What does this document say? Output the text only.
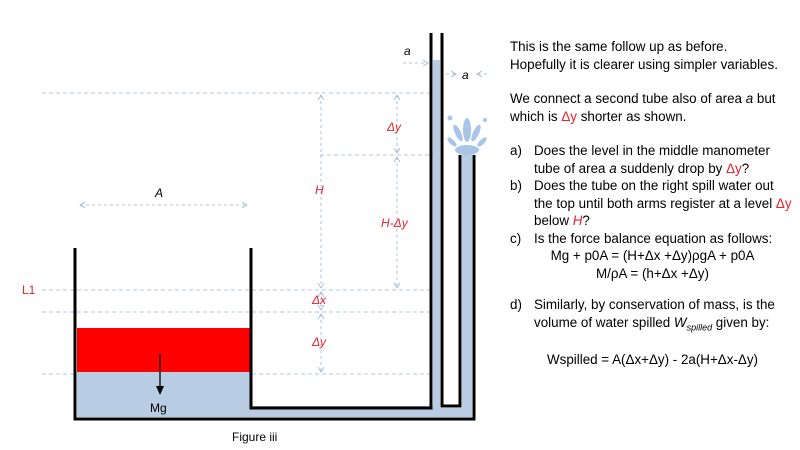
a
a
A	H
Δy
H-Δy
L1
Δx
Δy
Mg
Figure iii

This is the same follow up as before.

Hopefully it is clearer using simpler variables.

We connect a second tube also of area a but which is Δy shorter as shown.

a) Does the level in the middle manometer tube of area a suddenly drop by Δy?

b) Does the tube on the right spill water out the top until both arms register at a level Δy below H?

c) Is the force balance equation as follows:

Mg + p0A = (H+Δx +Δy)ρgA + p0A

M/ρA = (h+Δx +Δy)

d) Similarly, by conservation of mass, is the volume of water spilled $W_{spilled}$ given by:

Wspilled = A(Δx+Δy) - 2a(H+Δx-Δy)
